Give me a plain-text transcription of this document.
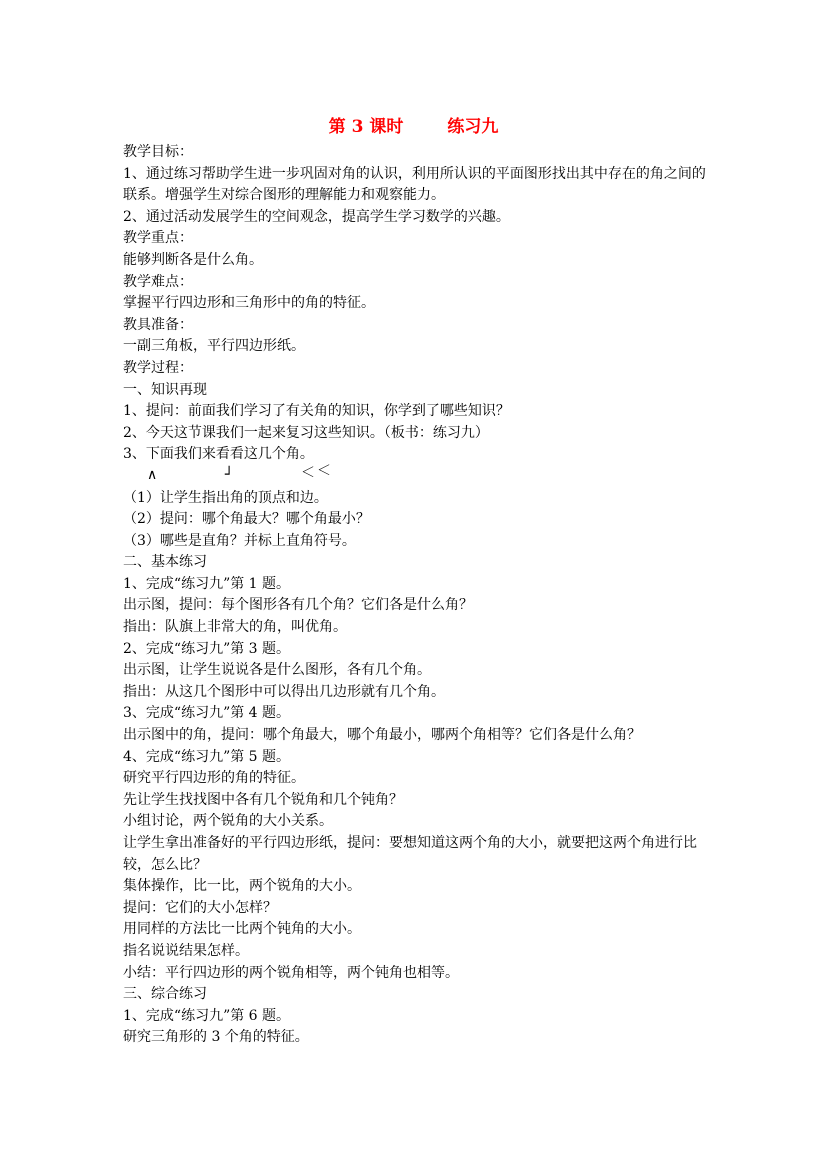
第 3 课时	练习九
教学目标：
1、通过练习帮助学生进一步巩固对角的认识，利用所认识的平面图形找出其中存在的角之间的联系。增强学生对综合图形的理解能力和观察能力。
2、通过活动发展学生的空间观念，提高学生学习数学的兴趣。
教学重点：
能够判断各是什么角。
教学难点：
掌握平行四边形和三角形中的角的特征。
教具准备：
一副三角板，平行四边形纸。
教学过程：
一、知识再现
1、提问：前面我们学习了有关角的知识，你学到了哪些知识？
2、今天这节课我们一起来复习这些知识。（板书：练习九）
3、下面我们来看看这几个角。
∧	┘	＜ ＜
（1）让学生指出角的顶点和边。
（2）提问：哪个角最大？哪个角最小？
（3）哪些是直角？并标上直角符号。
二、基本练习
1、完成“练习九”第 1 题。
出示图，提问：每个图形各有几个角？它们各是什么角？
指出：队旗上非常大的角，叫优角。
2、完成“练习九”第 3 题。
出示图，让学生说说各是什么图形，各有几个角。
指出：从这几个图形中可以得出几边形就有几个角。
3、完成“练习九”第 4 题。
出示图中的角，提问：哪个角最大，哪个角最小，哪两个角相等？它们各是什么角？
4、完成“练习九”第 5 题。
研究平行四边形的角的特征。
先让学生找找图中各有几个锐角和几个钝角？
小组讨论，两个锐角的大小关系。
让学生拿出准备好的平行四边形纸，提问：要想知道这两个角的大小，就要把这两个角进行比较，怎么比？
集体操作，比一比，两个锐角的大小。
提问：它们的大小怎样？
用同样的方法比一比两个钝角的大小。
指名说说结果怎样。
小结：平行四边形的两个锐角相等，两个钝角也相等。
三、综合练习
1、完成“练习九”第 6 题。
研究三角形的 3 个角的特征。
